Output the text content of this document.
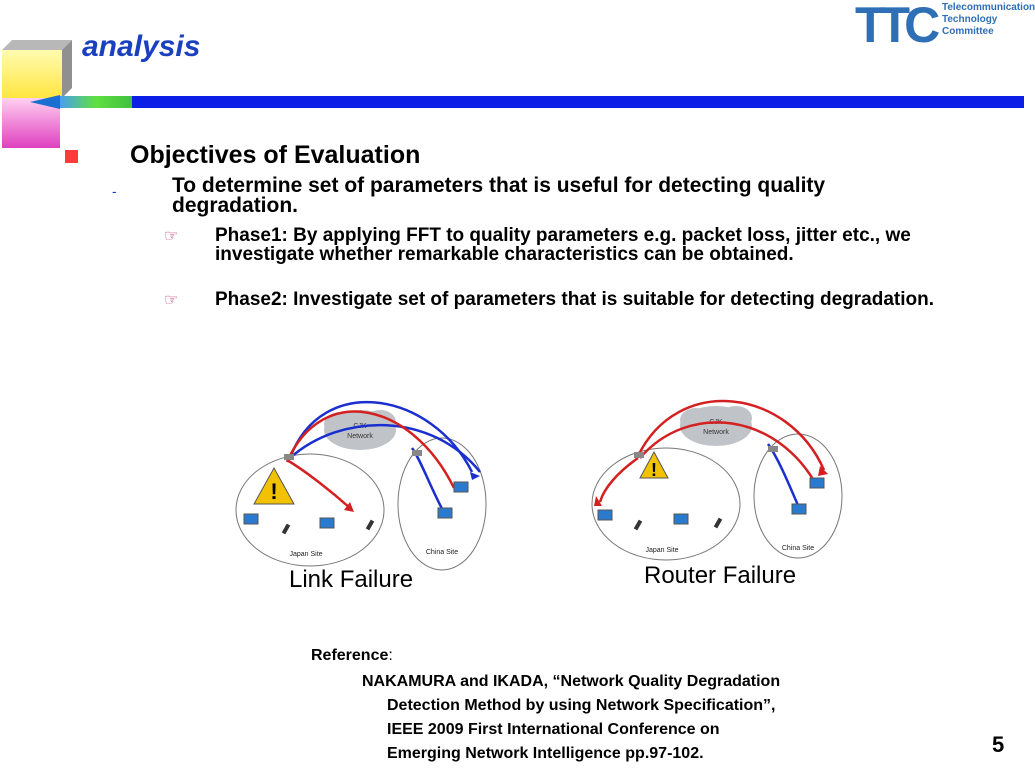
analysis	TTC Telecommunication
Technology
Committee
Objectives of Evaluation
-	To determine set of parameters that is useful for detecting quality degradation.
☞ Phase1: By applying FFT to quality parameters e.g. packet loss, jitter etc., we investigate whether remarkable characteristics can be obtained.
☞ Phase2: Investigate set of parameters that is suitable for detecting degradation.
CJK
Network
!
Japan Site	China Site
CJK
Network
!
Japan Site	China Site
Link Failure	Router Failure
Reference:
NAKAMURA and IKADA, “Network Quality Degradation
Detection Method by using Network Specification”,
IEEE 2009 First International Conference on
Emerging Network Intelligence pp.97-102.	5
